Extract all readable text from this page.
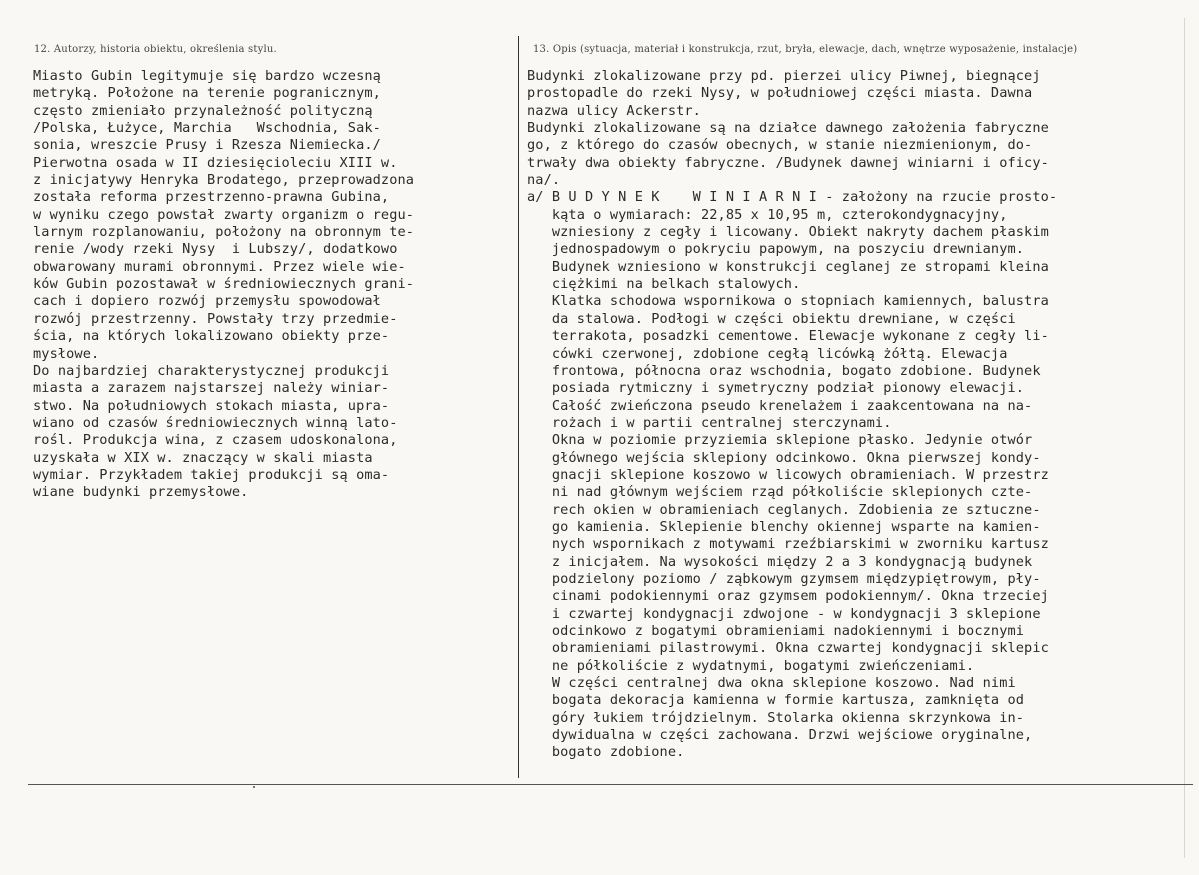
12. Autorzy, historia obiektu, określenia stylu.	13. Opis (sytuacja, materiał i konstrukcja, rzut, bryła, elewacje, dach, wnętrze wyposażenie, instalacje)
Miasto Gubin legitymuje się bardzo wczesną
metryką. Położone na terenie pogranicznym,
często zmieniało przynależność polityczną
/Polska, Łużyce, Marchia   Wschodnia, Sak-
sonia, wreszcie Prusy i Rzesza Niemiecka./
Pierwotna osada w II dziesięcioleciu XIII w.
z inicjatywy Henryka Brodatego, przeprowadzona
została reforma przestrzenno-prawna Gubina,
w wyniku czego powstał zwarty organizm o regu-
larnym rozplanowaniu, położony na obronnym te-
renie /wody rzeki Nysy  i Lubszy/, dodatkowo
obwarowany murami obronnymi. Przez wiele wie-
ków Gubin pozostawał w średniowiecznych grani-
cach i dopiero rozwój przemysłu spowodował
rozwój przestrzenny. Powstały trzy przedmie-
ścia, na których lokalizowano obiekty prze-
mysłowe.
Do najbardziej charakterystycznej produkcji
miasta a zarazem najstarszej należy winiar-
stwo. Na południowych stokach miasta, upra-
wiano od czasów średniowiecznych winną lato-
rośl. Produkcja wina, z czasem udoskonalona,
uzyskała w XIX w. znaczący w skali miasta
wymiar. Przykładem takiej produkcji są oma-
wiane budynki przemysłowe.
Budynki zlokalizowane przy pd. pierzei ulicy Piwnej, biegnącej
prostopadle do rzeki Nysy, w południowej części miasta. Dawna
nazwa ulicy Ackerstr.
Budynki zlokalizowane są na działce dawnego założenia fabryczne
go, z którego do czasów obecnych, w stanie niezmienionym, do-
trwały dwa obiekty fabryczne. /Budynek dawnej winiarni i oficy-
na/.
a/ B U D Y N E K    W I N I A R N I - założony na rzucie prosto-
kąta o wymiarach: 22,85 x 10,95 m, czterokondygnacyjny,
wzniesiony z cegły i licowany. Obiekt nakryty dachem płaskim
jednospadowym o pokryciu papowym, na poszyciu drewnianym.
Budynek wzniesiono w konstrukcji ceglanej ze stropami kleina
ciężkimi na belkach stalowych.
Klatka schodowa wspornikowa o stopniach kamiennych, balustra
da stalowa. Podłogi w części obiektu drewniane, w części
terrakota, posadzki cementowe. Elewacje wykonane z cegły li-
cówki czerwonej, zdobione cegłą licówką żółtą. Elewacja
frontowa, północna oraz wschodnia, bogato zdobione. Budynek
posiada rytmiczny i symetryczny podział pionowy elewacji.
Całość zwieńczona pseudo krenelażem i zaakcentowana na na-
rożach i w partii centralnej sterczynami.
Okna w poziomie przyziemia sklepione płasko. Jedynie otwór
głównego wejścia sklepiony odcinkowo. Okna pierwszej kondy-
gnacji sklepione koszowo w licowych obramieniach. W przestrz
ni nad głównym wejściem rząd półkoliście sklepionych czte-
rech okien w obramieniach ceglanych. Zdobienia ze sztuczne-
go kamienia. Sklepienie blenchy okiennej wsparte na kamien-
nych wspornikach z motywami rzeźbiarskimi w zworniku kartusz
z inicjałem. Na wysokości między 2 a 3 kondygnacją budynek
podzielony poziomo / ząbkowym gzymsem międzypiętrowym, pły-
cinami podokiennymi oraz gzymsem podokiennym/. Okna trzeciej
i czwartej kondygnacji zdwojone - w kondygnacji 3 sklepione
odcinkowo z bogatymi obramieniami nadokiennymi i bocznymi
obramieniami pilastrowymi. Okna czwartej kondygnacji sklepic
ne półkoliście z wydatnymi, bogatymi zwieńczeniami.
W części centralnej dwa okna sklepione koszowo. Nad nimi
bogata dekoracja kamienna w formie kartusza, zamknięta od
góry łukiem trójdzielnym. Stolarka okienna skrzynkowa in-
dywidualna w części zachowana. Drzwi wejściowe oryginalne,
bogato zdobione.
